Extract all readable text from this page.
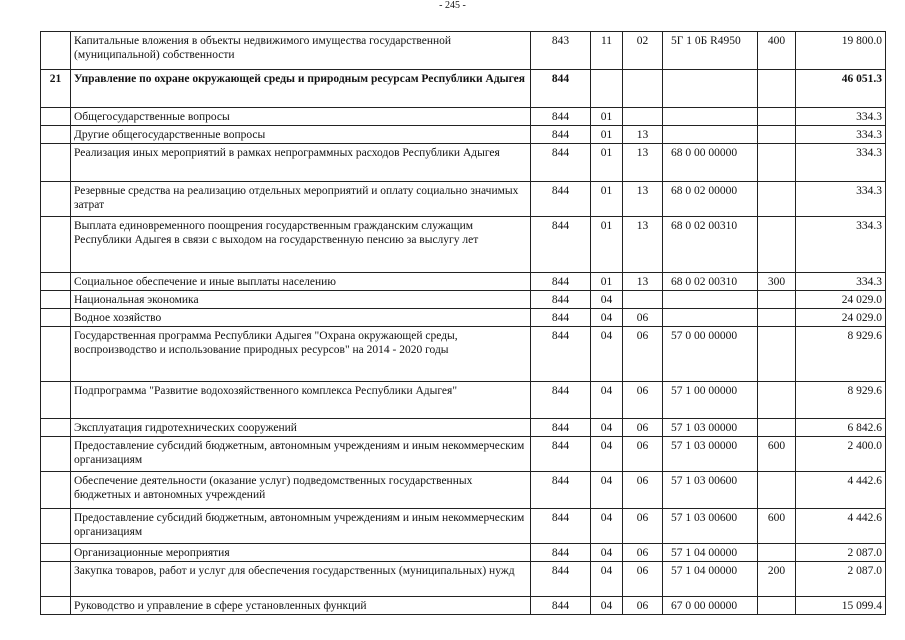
- 245 -
	Капитальные вложения в объекты недвижимого имущества государственной (муниципальной) собственности	843	11	02	5Г 1 0Б R4950	400	19 800.0
21	Управление по охране окружающей среды и природным ресурсам Республики Адыгея	844					46 051.3
	Общегосударственные вопросы	844	01				334.3
	Другие общегосударственные вопросы	844	01	13			334.3
	Реализация иных мероприятий в рамках непрограммных расходов Республики Адыгея	844	01	13	68 0 00 00000		334.3
	Резервные средства на реализацию отдельных мероприятий и оплату социально значимых затрат	844	01	13	68 0 02 00000		334.3
	Выплата единовременного поощрения государственным гражданским служащим Республики Адыгея в связи с выходом на государственную пенсию за выслугу лет	844	01	13	68 0 02 00310		334.3
	Социальное обеспечение и иные выплаты населению	844	01	13	68 0 02 00310	300	334.3
	Национальная экономика	844	04				24 029.0
	Водное хозяйство	844	04	06			24 029.0
	Государственная программа Республики Адыгея "Охрана окружающей среды, воспроизводство и использование природных ресурсов" на 2014 - 2020 годы	844	04	06	57 0 00 00000		8 929.6
	Подпрограмма "Развитие водохозяйственного комплекса Республики Адыгея"	844	04	06	57 1 00 00000		8 929.6
	Эксплуатация гидротехнических сооружений	844	04	06	57 1 03 00000		6 842.6
	Предоставление субсидий бюджетным, автономным учреждениям и иным некоммерческим организациям	844	04	06	57 1 03 00000	600	2 400.0
	Обеспечение деятельности (оказание услуг) подведомственных государственных бюджетных и автономных учреждений	844	04	06	57 1 03 00600		4 442.6
	Предоставление субсидий бюджетным, автономным учреждениям и иным некоммерческим организациям	844	04	06	57 1 03 00600	600	4 442.6
	Организационные мероприятия	844	04	06	57 1 04 00000		2 087.0
	Закупка товаров, работ и услуг для обеспечения государственных (муниципальных) нужд	844	04	06	57 1 04 00000	200	2 087.0
	Руководство и управление в сфере установленных функций	844	04	06	67 0 00 00000		15 099.4
